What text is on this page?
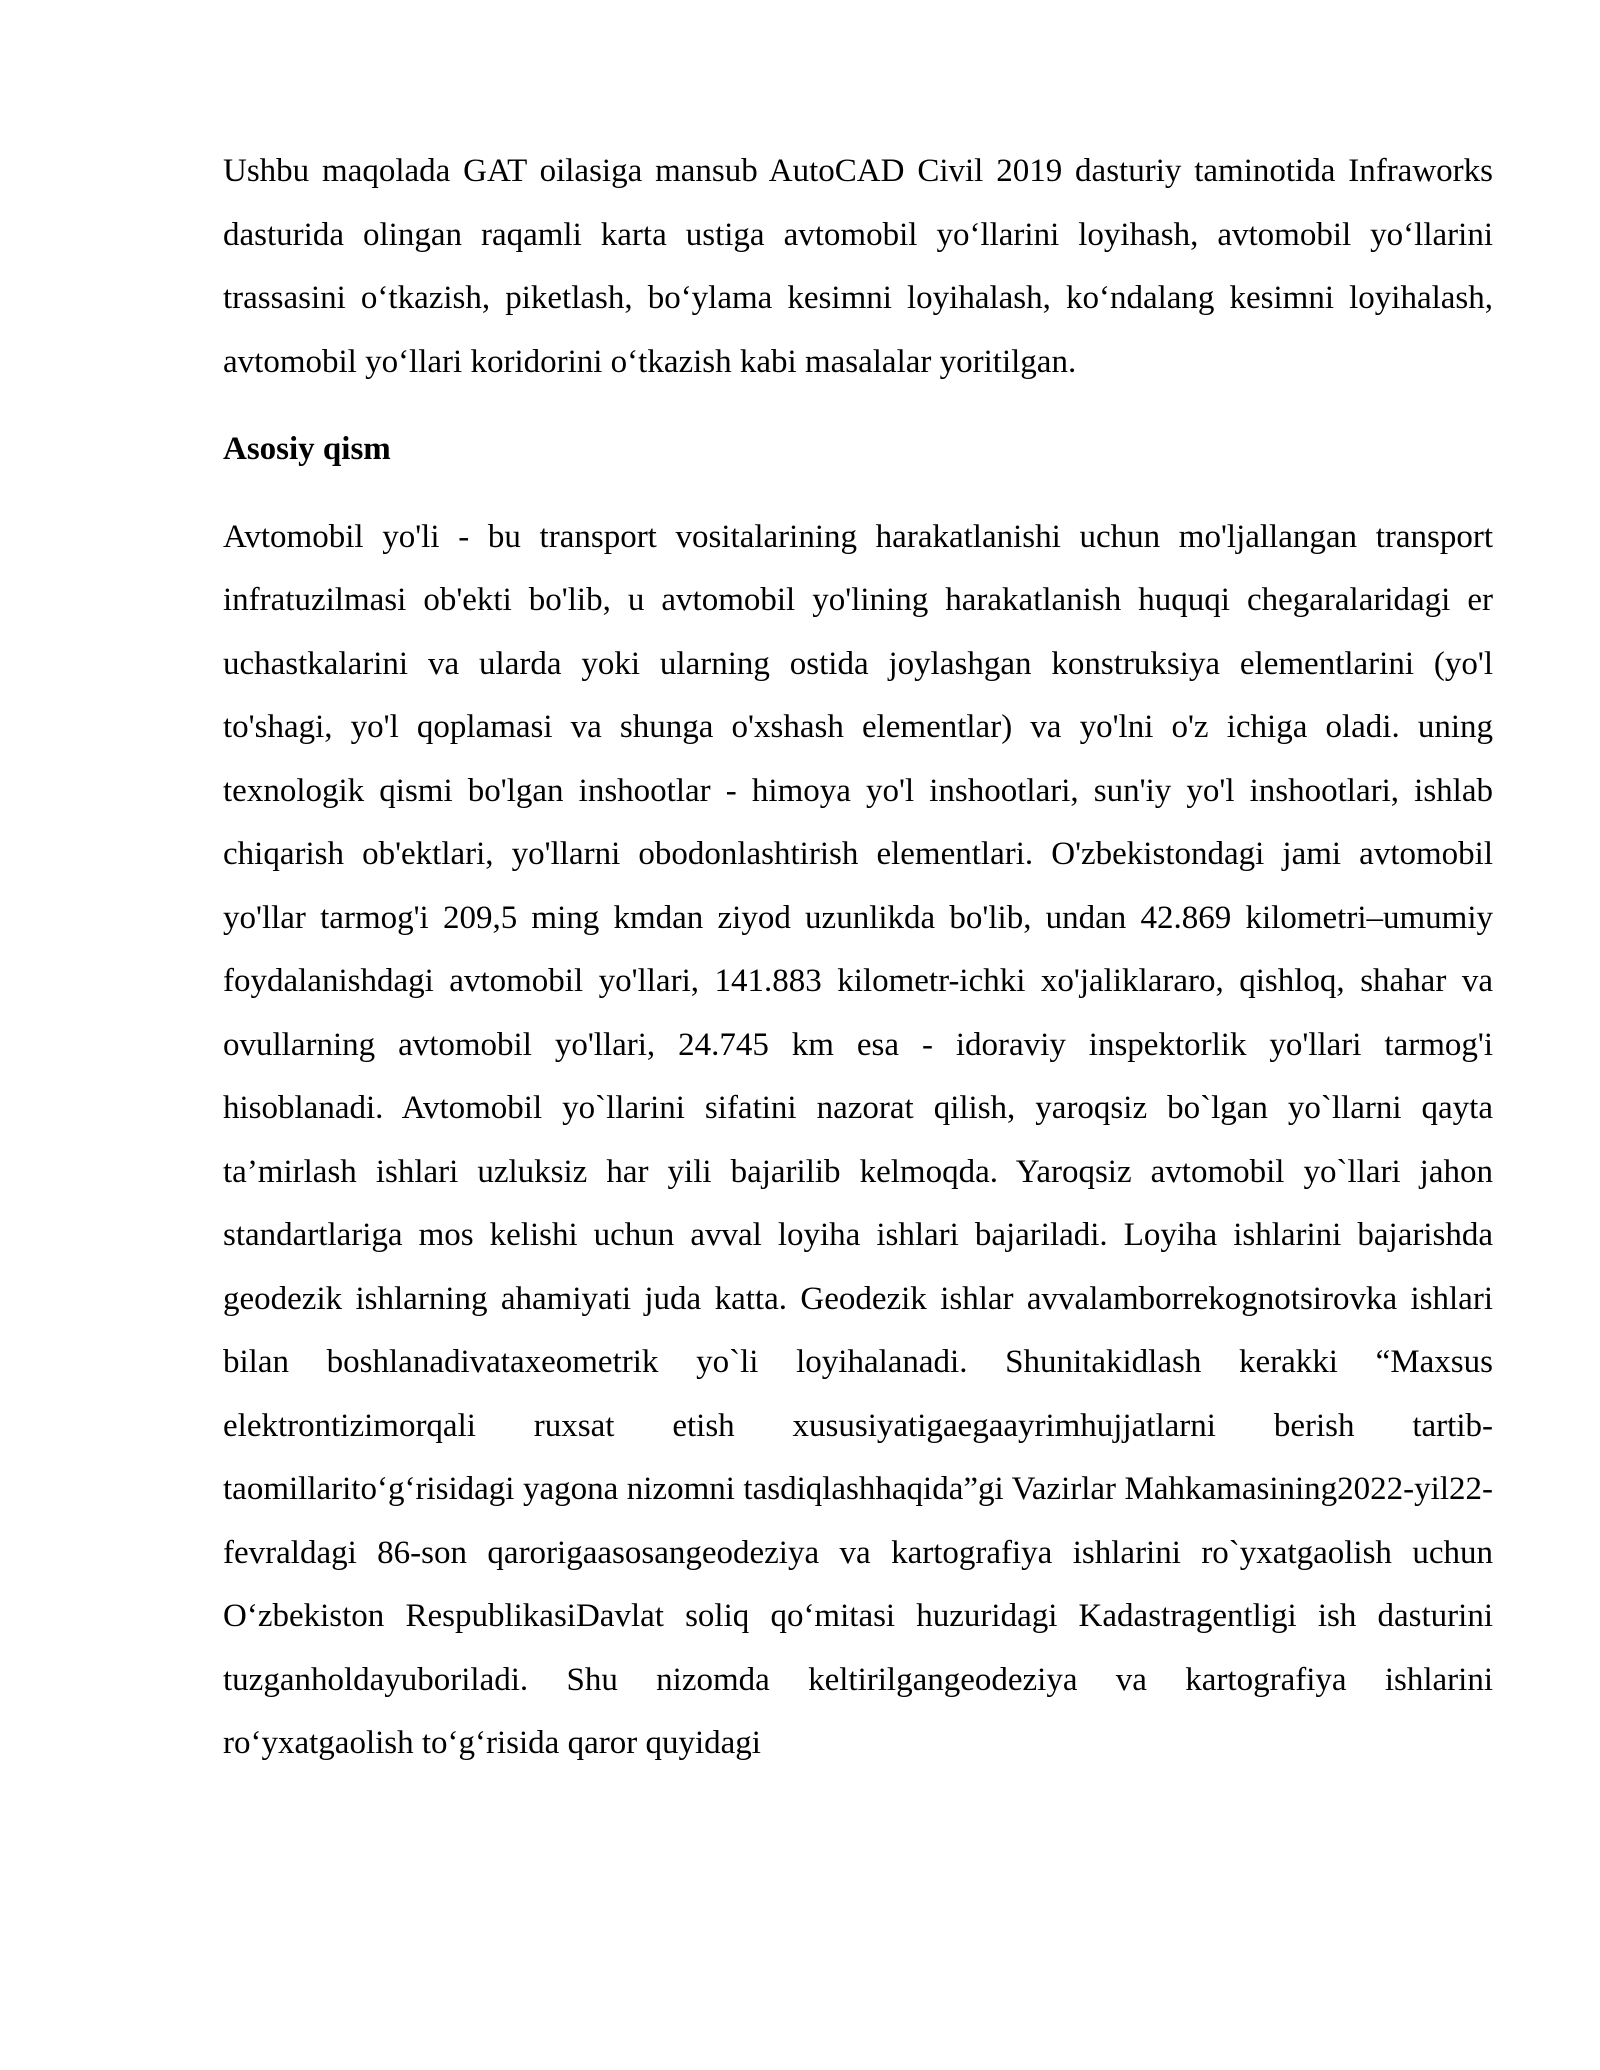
Ushbu maqolada GAT oilasiga mansub AutoCAD Civil 2019 dasturiy taminotida Infraworks dasturida olingan raqamli karta ustiga avtomobil yo‘llarini loyihash, avtomobil yo‘llarini trassasini o‘tkazish, piketlash, bo‘ylama kesimni loyihalash, ko‘ndalang kesimni loyihalash, avtomobil yo‘llari koridorini o‘tkazish kabi masalalar yoritilgan.

Asosiy qism

Avtomobil yo'li - bu transport vositalarining harakatlanishi uchun mo'ljallangan transport infratuzilmasi ob'ekti bo'lib, u avtomobil yo'lining harakatlanish huquqi chegaralaridagi er uchastkalarini va ularda yoki ularning ostida joylashgan konstruksiya elementlarini (yo'l to'shagi, yo'l qoplamasi va shunga o'xshash elementlar) va yo'lni o'z ichiga oladi. uning texnologik qismi bo'lgan inshootlar - himoya yo'l inshootlari, sun'iy yo'l inshootlari, ishlab chiqarish ob'ektlari, yo'llarni obodonlashtirish elementlari. O'zbekistondagi jami avtomobil yo'llar tarmog'i 209,5 ming kmdan ziyod uzunlikda bo'lib, undan 42.869 kilometri–umumiy foydalanishdagi avtomobil yo'llari, 141.883 kilometr-ichki xo'jaliklararo, qishloq, shahar va ovullarning avtomobil yo'llari, 24.745 km esa - idoraviy inspektorlik yo'llari tarmog'i hisoblanadi. Avtomobil yo`llarini sifatini nazorat qilish, yaroqsiz bo`lgan yo`llarni qayta ta’mirlash ishlari uzluksiz har yili bajarilib kelmoqda. Yaroqsiz avtomobil yo`llari jahon standartlariga mos kelishi uchun avval loyiha ishlari bajariladi. Loyiha ishlarini bajarishda geodezik ishlarning ahamiyati juda katta. Geodezik ishlar avvalamborrekognotsirovka ishlari bilan boshlanadivataxeometrik yo`li loyihalanadi. Shunitakidlash kerakki “Maxsus elektrontizimorqali ruxsat etish xususiyatigaegaayrimhujjatlarni berish tartib-taomillarito‘g‘risidagi yagona nizomni tasdiqlashhaqida”gi Vazirlar Mahkamasining2022-yil22-fevraldagi 86-son qarorigaasosangeodeziya va kartografiya ishlarini ro`yxatgaolish uchun O‘zbekiston RespublikasiDavlat soliq qo‘mitasi huzuridagi Kadastragentligi ish dasturini tuzganholdayuboriladi. Shu nizomda keltirilgangeodeziya va kartografiya ishlarini ro‘yxatgaolish to‘g‘risida qaror quyidagi
